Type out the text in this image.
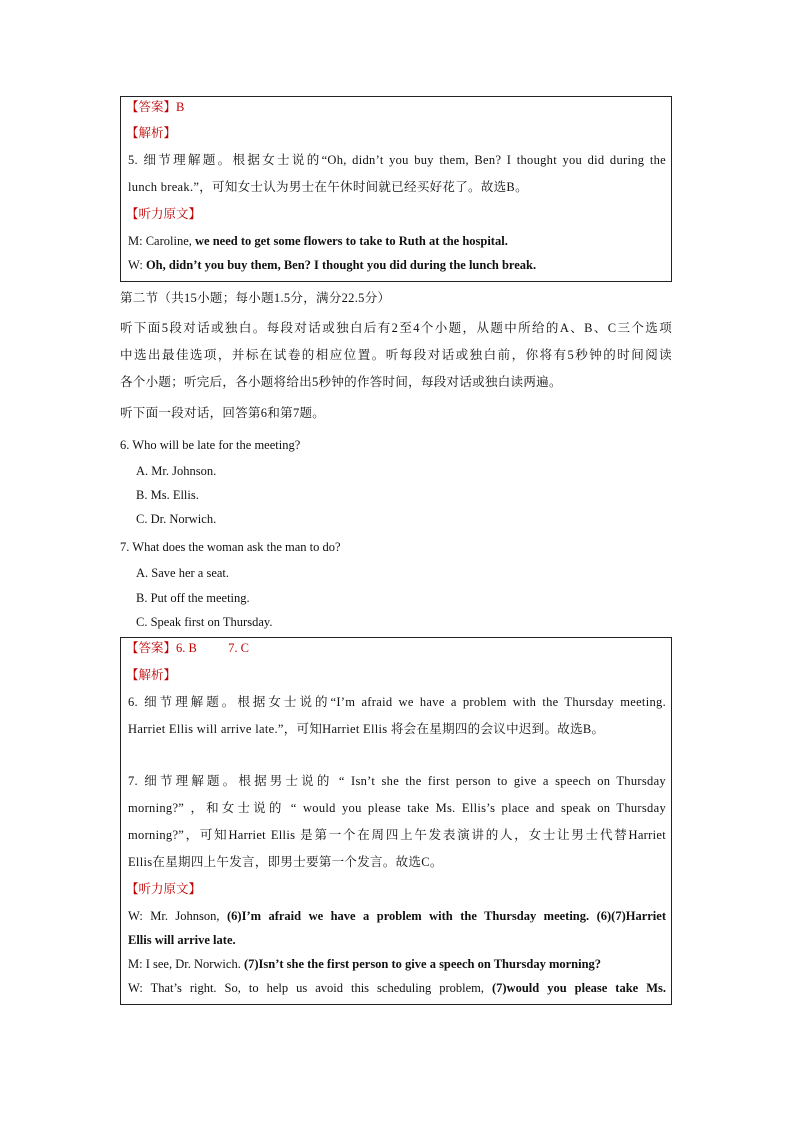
【答案】B
【解析】
5. 细节理解题。根据女士说的“Oh, didn’t you buy them, Ben? I thought you did during the
lunch break.”，可知女士认为男士在午休时间就已经买好花了。故选B。
【听力原文】
M: Caroline, we need to get some flowers to take to Ruth at the hospital.
W: Oh, didn’t you buy them, Ben? I thought you did during the lunch break.
第二节（共15小题；每小题1.5分，满分22.5分）
听下面5段对话或独白。每段对话或独白后有2至4个小题，从题中所给的A、B、C三个选项
中选出最佳选项，并标在试卷的相应位置。听每段对话或独白前，你将有5秒钟的时间阅读
各个小题；听完后，各小题将给出5秒钟的作答时间，每段对话或独白读两遍。
听下面一段对话，回答第6和第7题。
6. Who will be late for the meeting?
A. Mr. Johnson.
B. Ms. Ellis.
C. Dr. Norwich.
7. What does the woman ask the man to do?
A. Save her a seat.
B. Put off the meeting.
C. Speak first on Thursday.
【答案】6. B          7. C
【解析】
6. 细节理解题。根据女士说的“I’m afraid we have a problem with the Thursday meeting.
Harriet Ellis will arrive late.”，可知Harriet Ellis 将会在星期四的会议中迟到。故选B。
7. 细节理解题。根据男士说的 “ Isn’t she the first person to give a speech on Thursday
morning?” ，和女士说的 “ would you please take Ms. Ellis’s place and speak on Thursday
morning?”，可知Harriet Ellis 是第一个在周四上午发表演讲的人，女士让男士代替Harriet
Ellis在星期四上午发言，即男士要第一个发言。故选C。
【听力原文】
W: Mr. Johnson, (6)I’m afraid we have a problem with the Thursday meeting. (6)(7)Harriet
Ellis will arrive late.
M: I see, Dr. Norwich. (7)Isn’t she the first person to give a speech on Thursday morning?
W: That’s right. So, to help us avoid this scheduling problem, (7)would you please take Ms.
